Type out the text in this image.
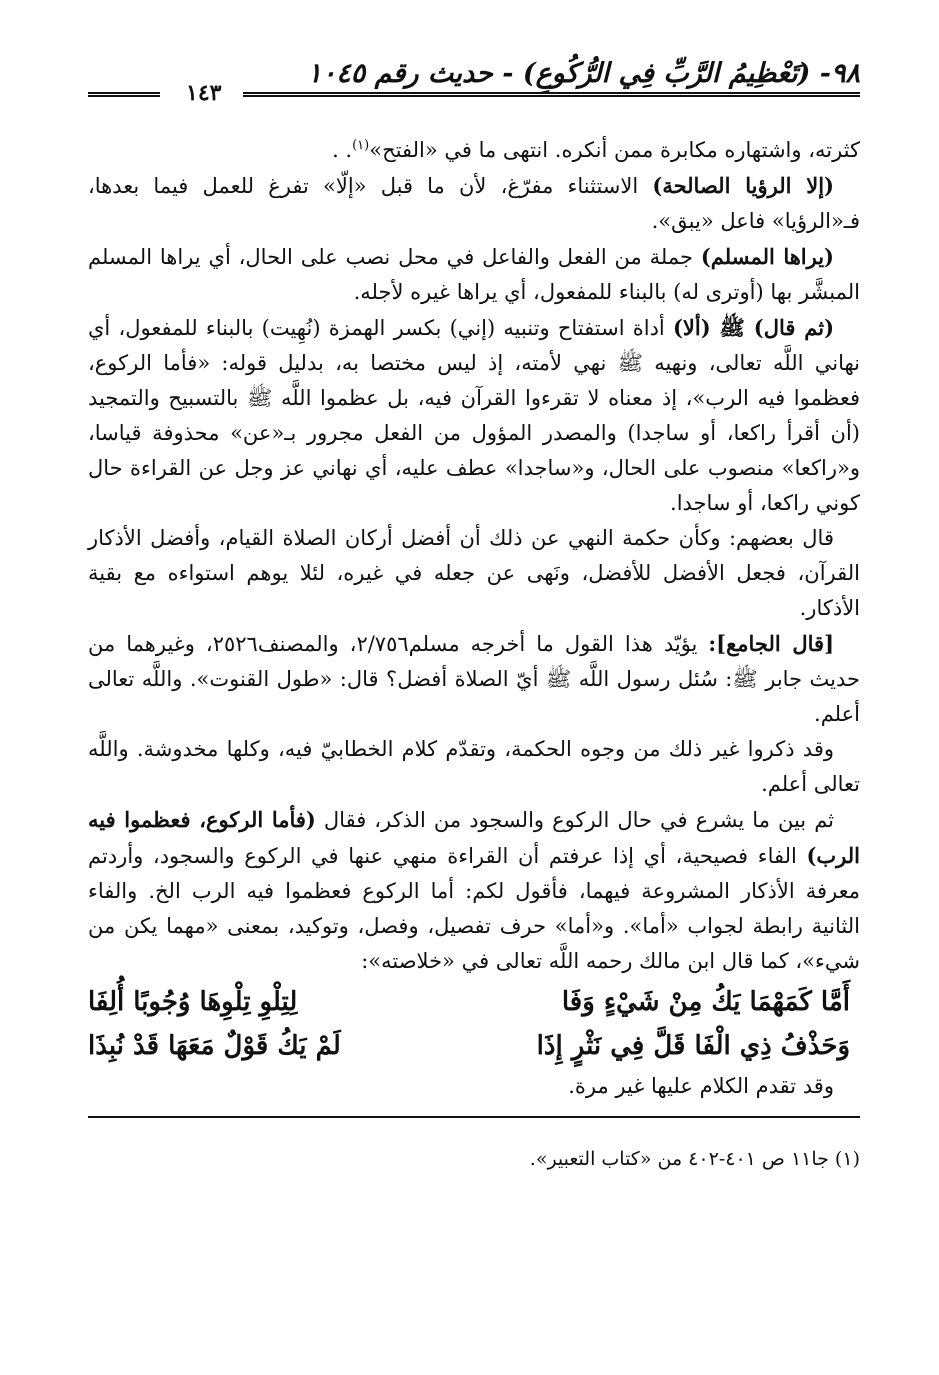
٩٨- (تَعْظِيمُ الرَّبِّ فِي الرُّكُوعِ) - حديث رقم ١٠٤٥
١٤٣

كثرته، واشتهاره مكابرة ممن أنكره. انتهى ما في «الفتح»$^{(١)}$. .

(إلا الرؤيا الصالحة) الاستثناء مفرّغ، لأن ما قبل «إلّا» تفرغ للعمل فيما بعدها، فـ«الرؤيا» فاعل «يبق».

(يراها المسلم) جملة من الفعل والفاعل في محل نصب على الحال، أي يراها المسلم المبشَّر بها (أوترى له) بالبناء للمفعول، أي يراها غيره لأجله.

(ثم قال) ﷺ (ألا) أداة استفتاح وتنبيه (إني) بكسر الهمزة (نُهِيت) بالبناء للمفعول، أي نهاني اللَّه تعالى، ونهيه ﷺ نهي لأمته، إذ ليس مختصا به، بدليل قوله: «فأما الركوع، فعظموا فيه الرب»، إذ معناه لا تقرءوا القرآن فيه، بل عظموا اللَّه ﷺ بالتسبيح والتمجيد (أن أقرأ راكعا، أو ساجدا) والمصدر المؤول من الفعل مجرور بـ«عن» محذوفة قياسا، و«راكعا» منصوب على الحال، و«ساجدا» عطف عليه، أي نهاني عز وجل عن القراءة حال كوني راكعا، أو ساجدا.

قال بعضهم: وكأن حكمة النهي عن ذلك أن أفضل أركان الصلاة القيام، وأفضل الأذكار القرآن، فجعل الأفضل للأفضل، ونَهى عن جعله في غيره، لئلا يوهم استواءه مع بقية الأذكار.

[قال الجامع]: يؤيّد هذا القول ما أخرجه مسلم٢/٧٥٦، والمصنف٢٥٢٦، وغيرهما من حديث جابر ﷺ: سُئل رسول اللَّه ﷺ أيّ الصلاة أفضل؟ قال: «طول القنوت». واللَّه تعالى أعلم.

وقد ذكروا غير ذلك من وجوه الحكمة، وتقدّم كلام الخطابيّ فيه، وكلها مخدوشة. واللَّه تعالى أعلم.

ثم بين ما يشرع في حال الركوع والسجود من الذكر، فقال (فأما الركوع، فعظموا فيه الرب) الفاء فصيحية، أي إذا عرفتم أن القراءة منهي عنها في الركوع والسجود، وأردتم معرفة الأذكار المشروعة فيهما، فأقول لكم: أما الركوع فعظموا فيه الرب الخ. والفاء الثانية رابطة لجواب «أما». و«أما» حرف تفصيل، وفصل، وتوكيد، بمعنى «مهما يكن من شيء»، كما قال ابن مالك رحمه اللَّه تعالى في «خلاصته»:

أَمَّا كَمَهْمَا يَكُ مِنْ شَيْءٍ وَفَا
لِتِلْوِ تِلْوِهَا وُجُوبًا أُلِفَا
وَحَذْفُ ذِي الْفَا قَلَّ فِي نَثْرٍ إِذَا
لَمْ يَكُ قَوْلٌ مَعَهَا قَدْ نُبِذَا

وقد تقدم الكلام عليها غير مرة.

(١) جا١١ ص ٤٠١-٤٠٢ من «كتاب التعبير».
